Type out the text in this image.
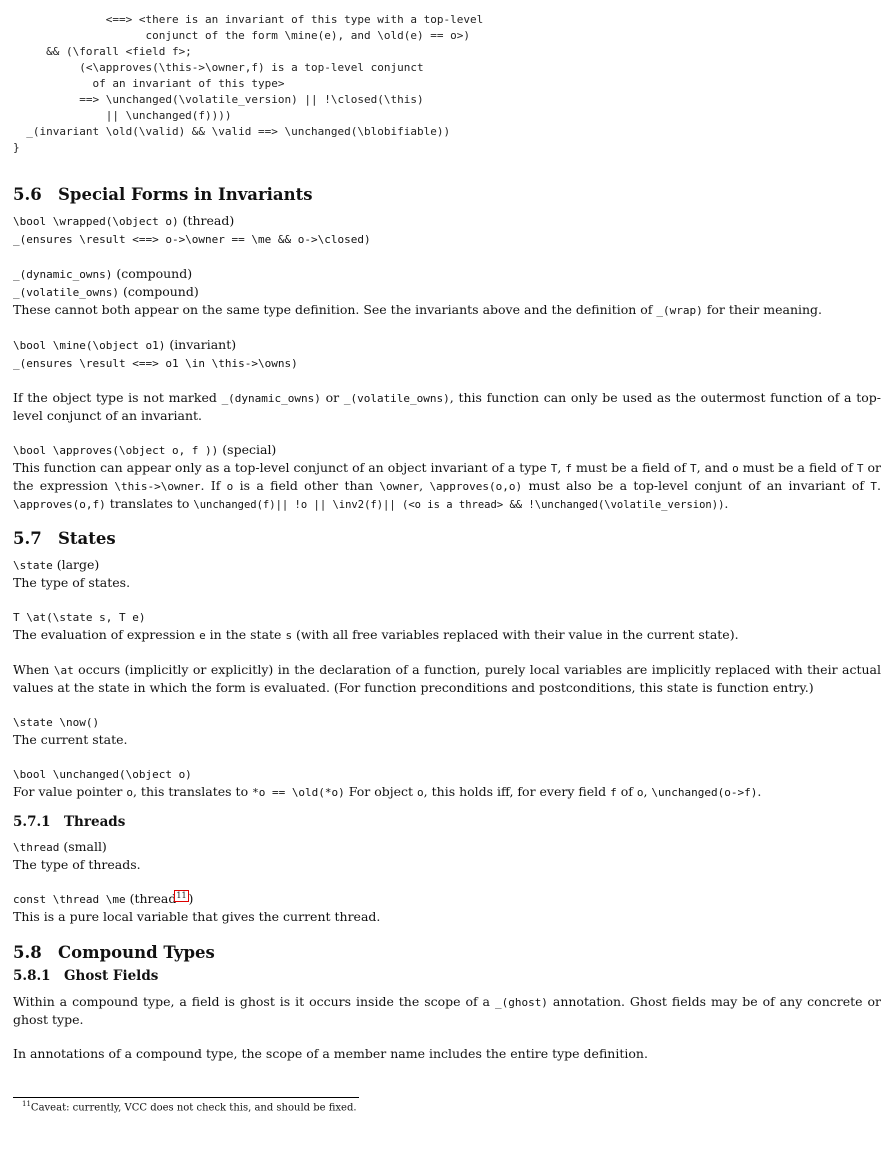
<==> <there is an invariant of this type with a top-level
conjunct of the form \mine(e), and \old(e) == o>)
&& (\forall <field f>;
(<\approves(\this->\owner,f) is a top-level conjunct
of an invariant of this type>
==> \unchanged(\volatile_version) || !\closed(\this)
|| \unchanged(f))))
_(invariant \old(\valid) && \valid ==> \unchanged(\blobifiable))
}
5.6 Special Forms in Invariants

\bool \wrapped(\object o) (thread)

_(ensures \result <==> o->\owner == \me && o->\closed)

_(dynamic_owns) (compound)

_(volatile_owns) (compound)

These cannot both appear on the same type definition. See the invariants above and the definition of _(wrap) for their meaning.

\bool \mine(\object o1) (invariant)

_(ensures \result <==> o1 \in \this->\owns)

If the object type is not marked _(dynamic_owns) or _(volatile_owns), this function can only be used as the outermost function of a top-level conjunct of an invariant.

\bool \approves(\object o, f )) (special)

This function can appear only as a top-level conjunct of an object invariant of a type T, f must be a field of T, and o must be a field of T or the expression \this->\owner. If o is a field other than \owner, \approves(o,o) must also be a top-level conjunt of an invariant of T. \approves(o,f) translates to \unchanged(f)|| !o || \inv2(f)|| (<o is a thread> && !\unchanged(\volatile_version)).

5.7 States

\state (large)

The type of states.

T \at(\state s, T e)

The evaluation of expression e in the state s (with all free variables replaced with their value in the current state).

When \at occurs (implicitly or explicitly) in the declaration of a function, purely local variables are implicitly replaced with their actual values at the state in which the form is evaluated. (For function preconditions and postconditions, this state is function entry.)

\state \now()

The current state.

\bool \unchanged(\object o)

For value pointer o, this translates to *o == \old(*o) For object o, this holds iff, for every field f of o, \unchanged(o->f).

5.7.1 Threads

\thread (small)

The type of threads.

const \thread \me (thread11 )

This is a pure local variable that gives the current thread.

5.8 Compound Types
5.8.1 Ghost Fields

Within a compound type, a field is ghost is it occurs inside the scope of a _(ghost) annotation. Ghost fields may be of any concrete or ghost type.

In annotations of a compound type, the scope of a member name includes the entire type definition.

$^{11}$Caveat: currently, VCC does not check this, and should be fixed.
